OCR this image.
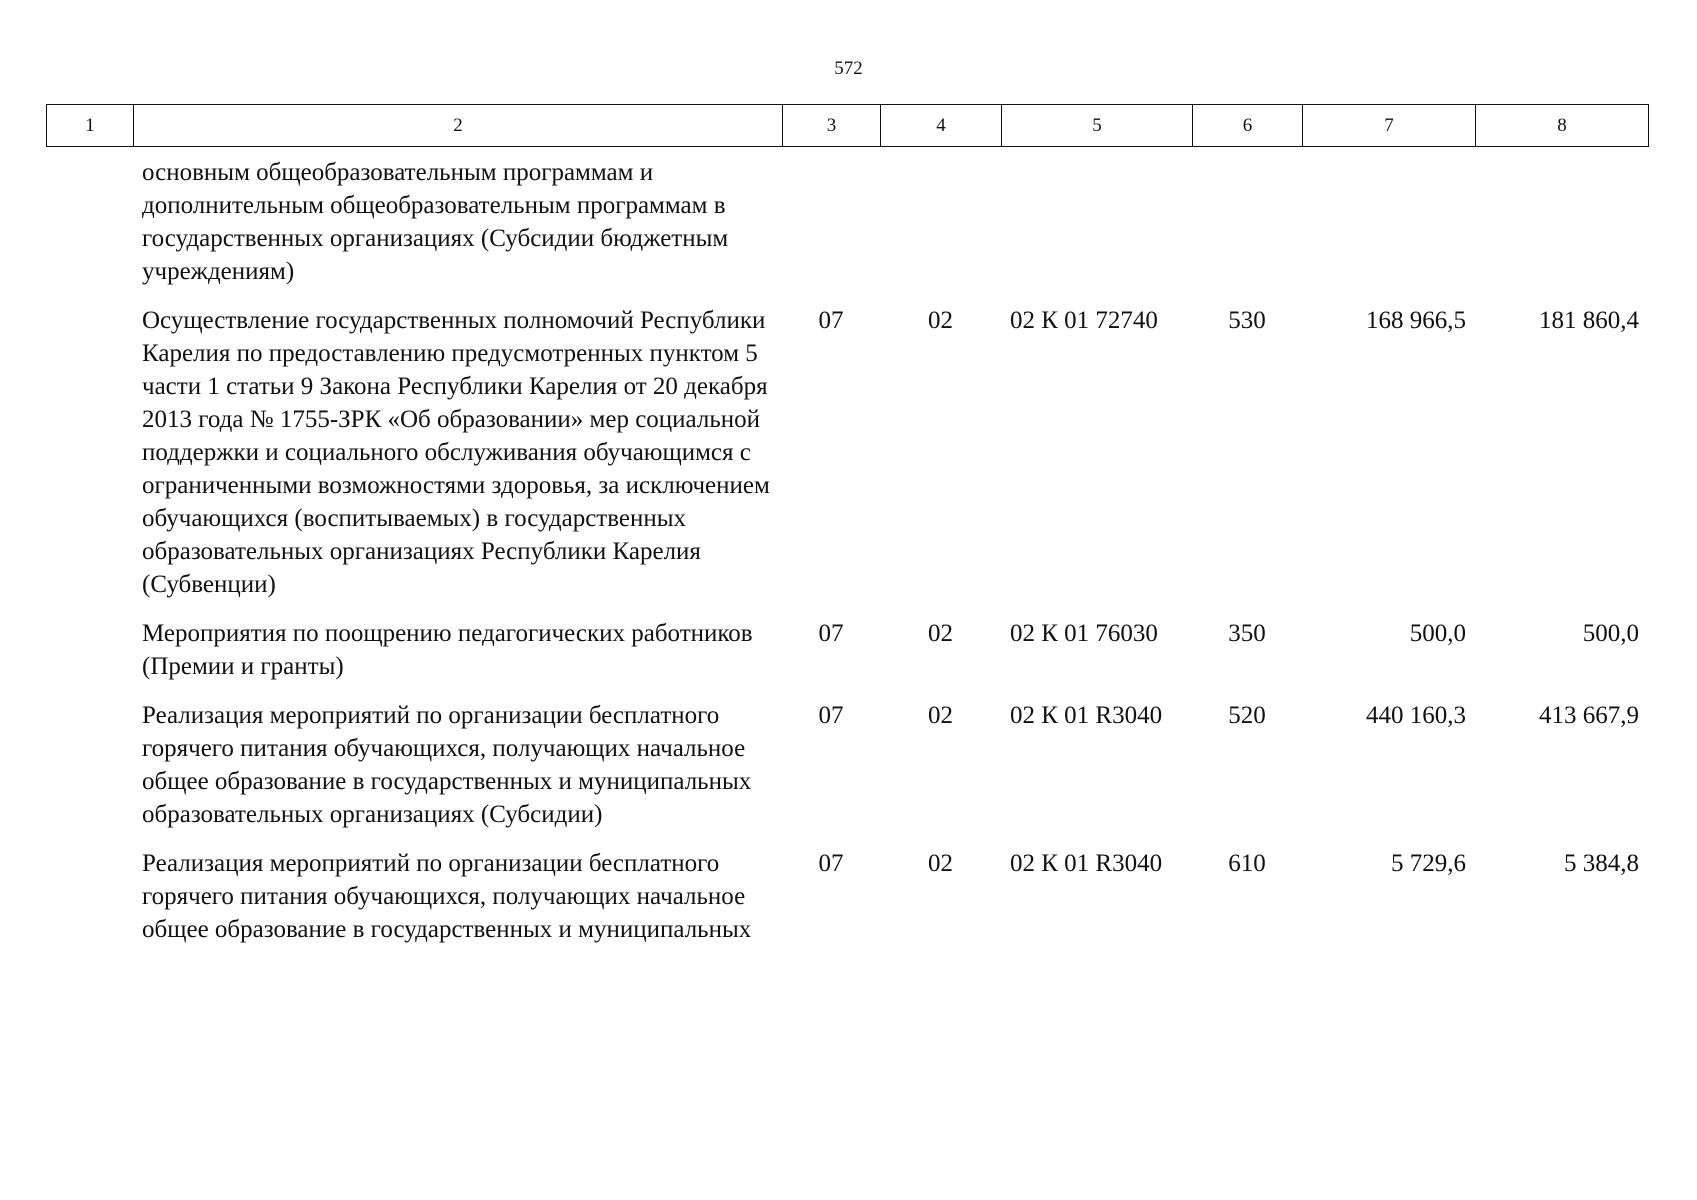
572
1	2	3	4	5	6	7	8
	основным общеобразовательным программам и дополнительным общеобразовательным программам в государственных организациях (Субсидии бюджетным учреждениям)						
	Осуществление государственных полномочий Республики Карелия по предоставлению предусмотренных пунктом 5 части 1 статьи 9 Закона Республики Карелия от 20 декабря 2013 года № 1755-ЗРК «Об образовании» мер социальной поддержки и социального обслуживания обучающимся с ограниченными возможностями здоровья, за исключением обучающихся (воспитываемых) в государственных образовательных организациях Республики Карелия (Субвенции)	07	02	02 К 01 72740	530	168 966,5	181 860,4
	Мероприятия по поощрению педагогических работников (Премии и гранты)	07	02	02 К 01 76030	350	500,0	500,0
	Реализация мероприятий по организации бесплатного горячего питания обучающихся, получающих начальное общее образование в государственных и муниципальных образовательных организациях (Субсидии)	07	02	02 К 01 R3040	520	440 160,3	413 667,9
	Реализация мероприятий по организации бесплатного горячего питания обучающихся, получающих начальное общее образование в государственных и муниципальных	07	02	02 К 01 R3040	610	5 729,6	5 384,8
